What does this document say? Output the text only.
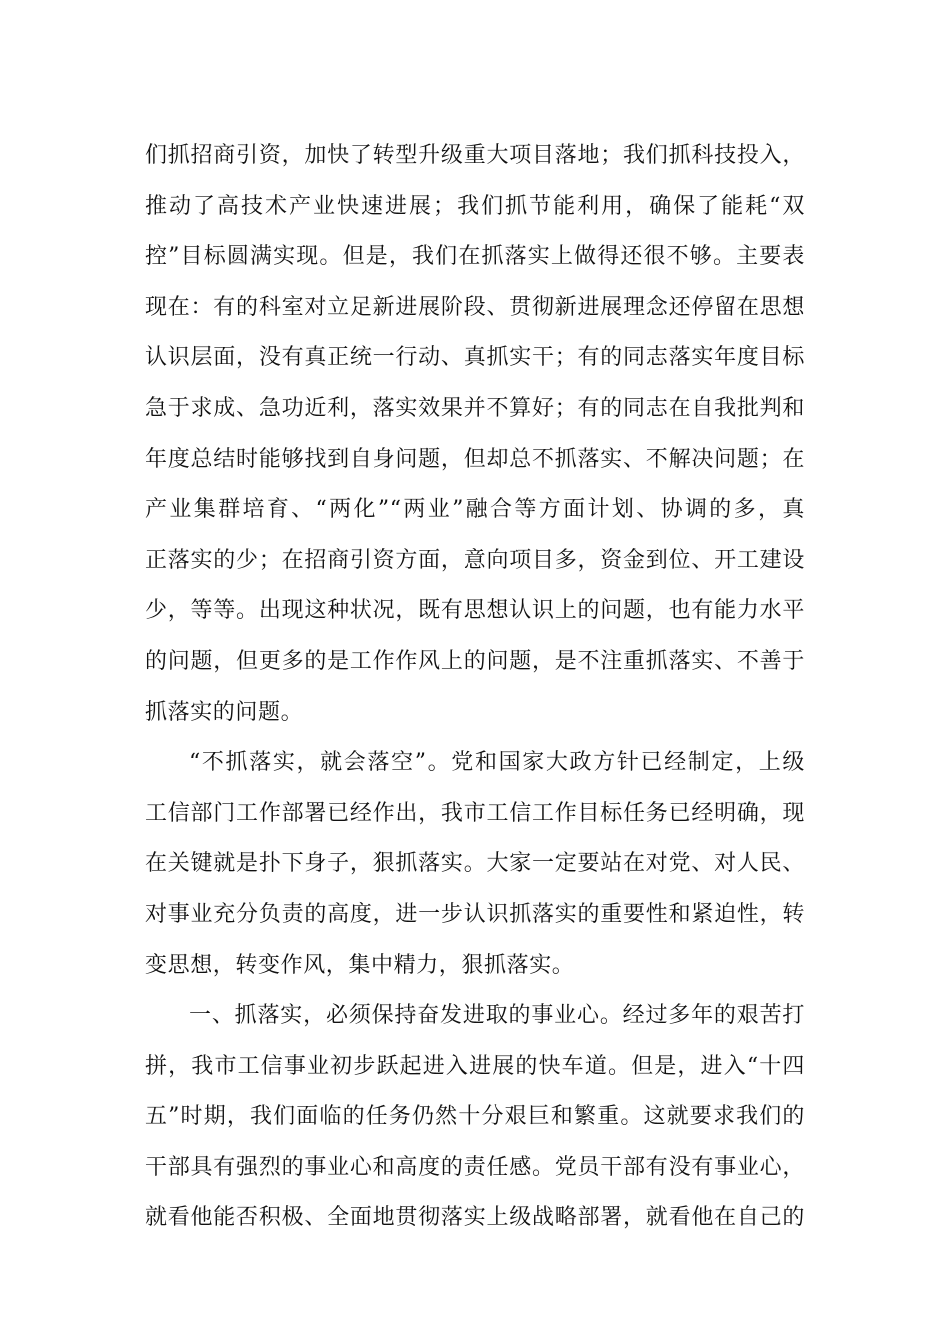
们抓招商引资，加快了转型升级重大项目落地；我们抓科技投入，
推动了高技术产业快速进展；我们抓节能利用，确保了能耗“双
控”目标圆满实现。但是，我们在抓落实上做得还很不够。主要表
现在：有的科室对立足新进展阶段、贯彻新进展理念还停留在思想
认识层面，没有真正统一行动、真抓实干；有的同志落实年度目标
急于求成、急功近利，落实效果并不算好；有的同志在自我批判和
年度总结时能够找到自身问题，但却总不抓落实、不解决问题；在
产业集群培育、“两化”“两业”融合等方面计划、协调的多，真
正落实的少；在招商引资方面，意向项目多，资金到位、开工建设
少，等等。出现这种状况，既有思想认识上的问题，也有能力水平
的问题，但更多的是工作作风上的问题，是不注重抓落实、不善于
抓落实的问题。
“不抓落实，就会落空”。党和国家大政方针已经制定，上级
工信部门工作部署已经作出，我市工信工作目标任务已经明确，现
在关键就是扑下身子，狠抓落实。大家一定要站在对党、对人民、
对事业充分负责的高度，进一步认识抓落实的重要性和紧迫性，转
变思想，转变作风，集中精力，狠抓落实。
一、抓落实，必须保持奋发进取的事业心。经过多年的艰苦打
拼，我市工信事业初步跃起进入进展的快车道。但是，进入“十四
五”时期，我们面临的任务仍然十分艰巨和繁重。这就要求我们的
干部具有强烈的事业心和高度的责任感。党员干部有没有事业心，
就看他能否积极、全面地贯彻落实上级战略部署，就看他在自己的
